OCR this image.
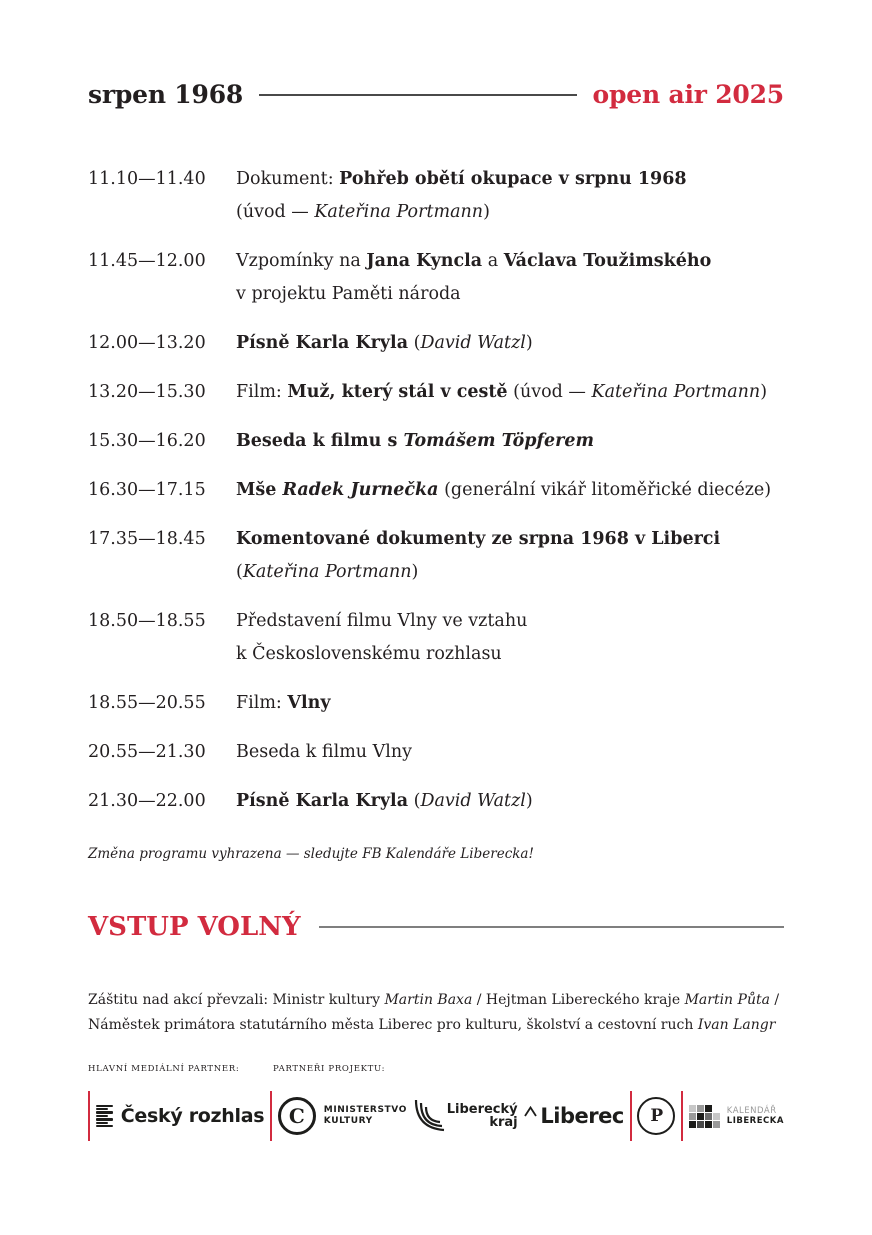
srpen 1968	open air 2025
11.10—11.40	Dokument: Pohřeb obětí okupace v srpnu 1968
(úvod — Kateřina Portmann)
11.45—12.00	Vzpomínky na Jana Kyncla a Václava Toužimského
v projektu Paměti národa
12.00—13.20	Písně Karla Kryla (David Watzl)
13.20—15.30	Film: Muž, který stál v cestě (úvod — Kateřina Portmann)
15.30—16.20	Beseda k filmu s Tomášem Töpferem
16.30—17.15	Mše Radek Jurnečka (generální vikář litoměřické diecéze)
17.35—18.45	Komentované dokumenty ze srpna 1968 v Liberci
(Kateřina Portmann)
18.50—18.55	Představení filmu Vlny ve vztahu
k Československému rozhlasu
18.55—20.55	Film: Vlny
20.55—21.30	Beseda k filmu Vlny
21.30—22.00	Písně Karla Kryla (David Watzl)

Změna programu vyhrazena — sledujte FB Kalendáře Liberecka!

VSTUP VOLNÝ
Záštitu nad akcí převzali: Ministr kultury Martin Baxa / Hejtman Libereckého kraje Martin Půta /
Náměstek primátora statutárního města Liberec pro kulturu, školství a cestovní ruch Ivan Langr
HLAVNÍ MEDIÁLNÍ PARTNER:	PARTNEŘI PROJEKTU:
Český rozhlas C MINISTERSTVO
KULTURY
Liberecký
kraj Liberec P	KALENDÁŘ
LIBERECKA
